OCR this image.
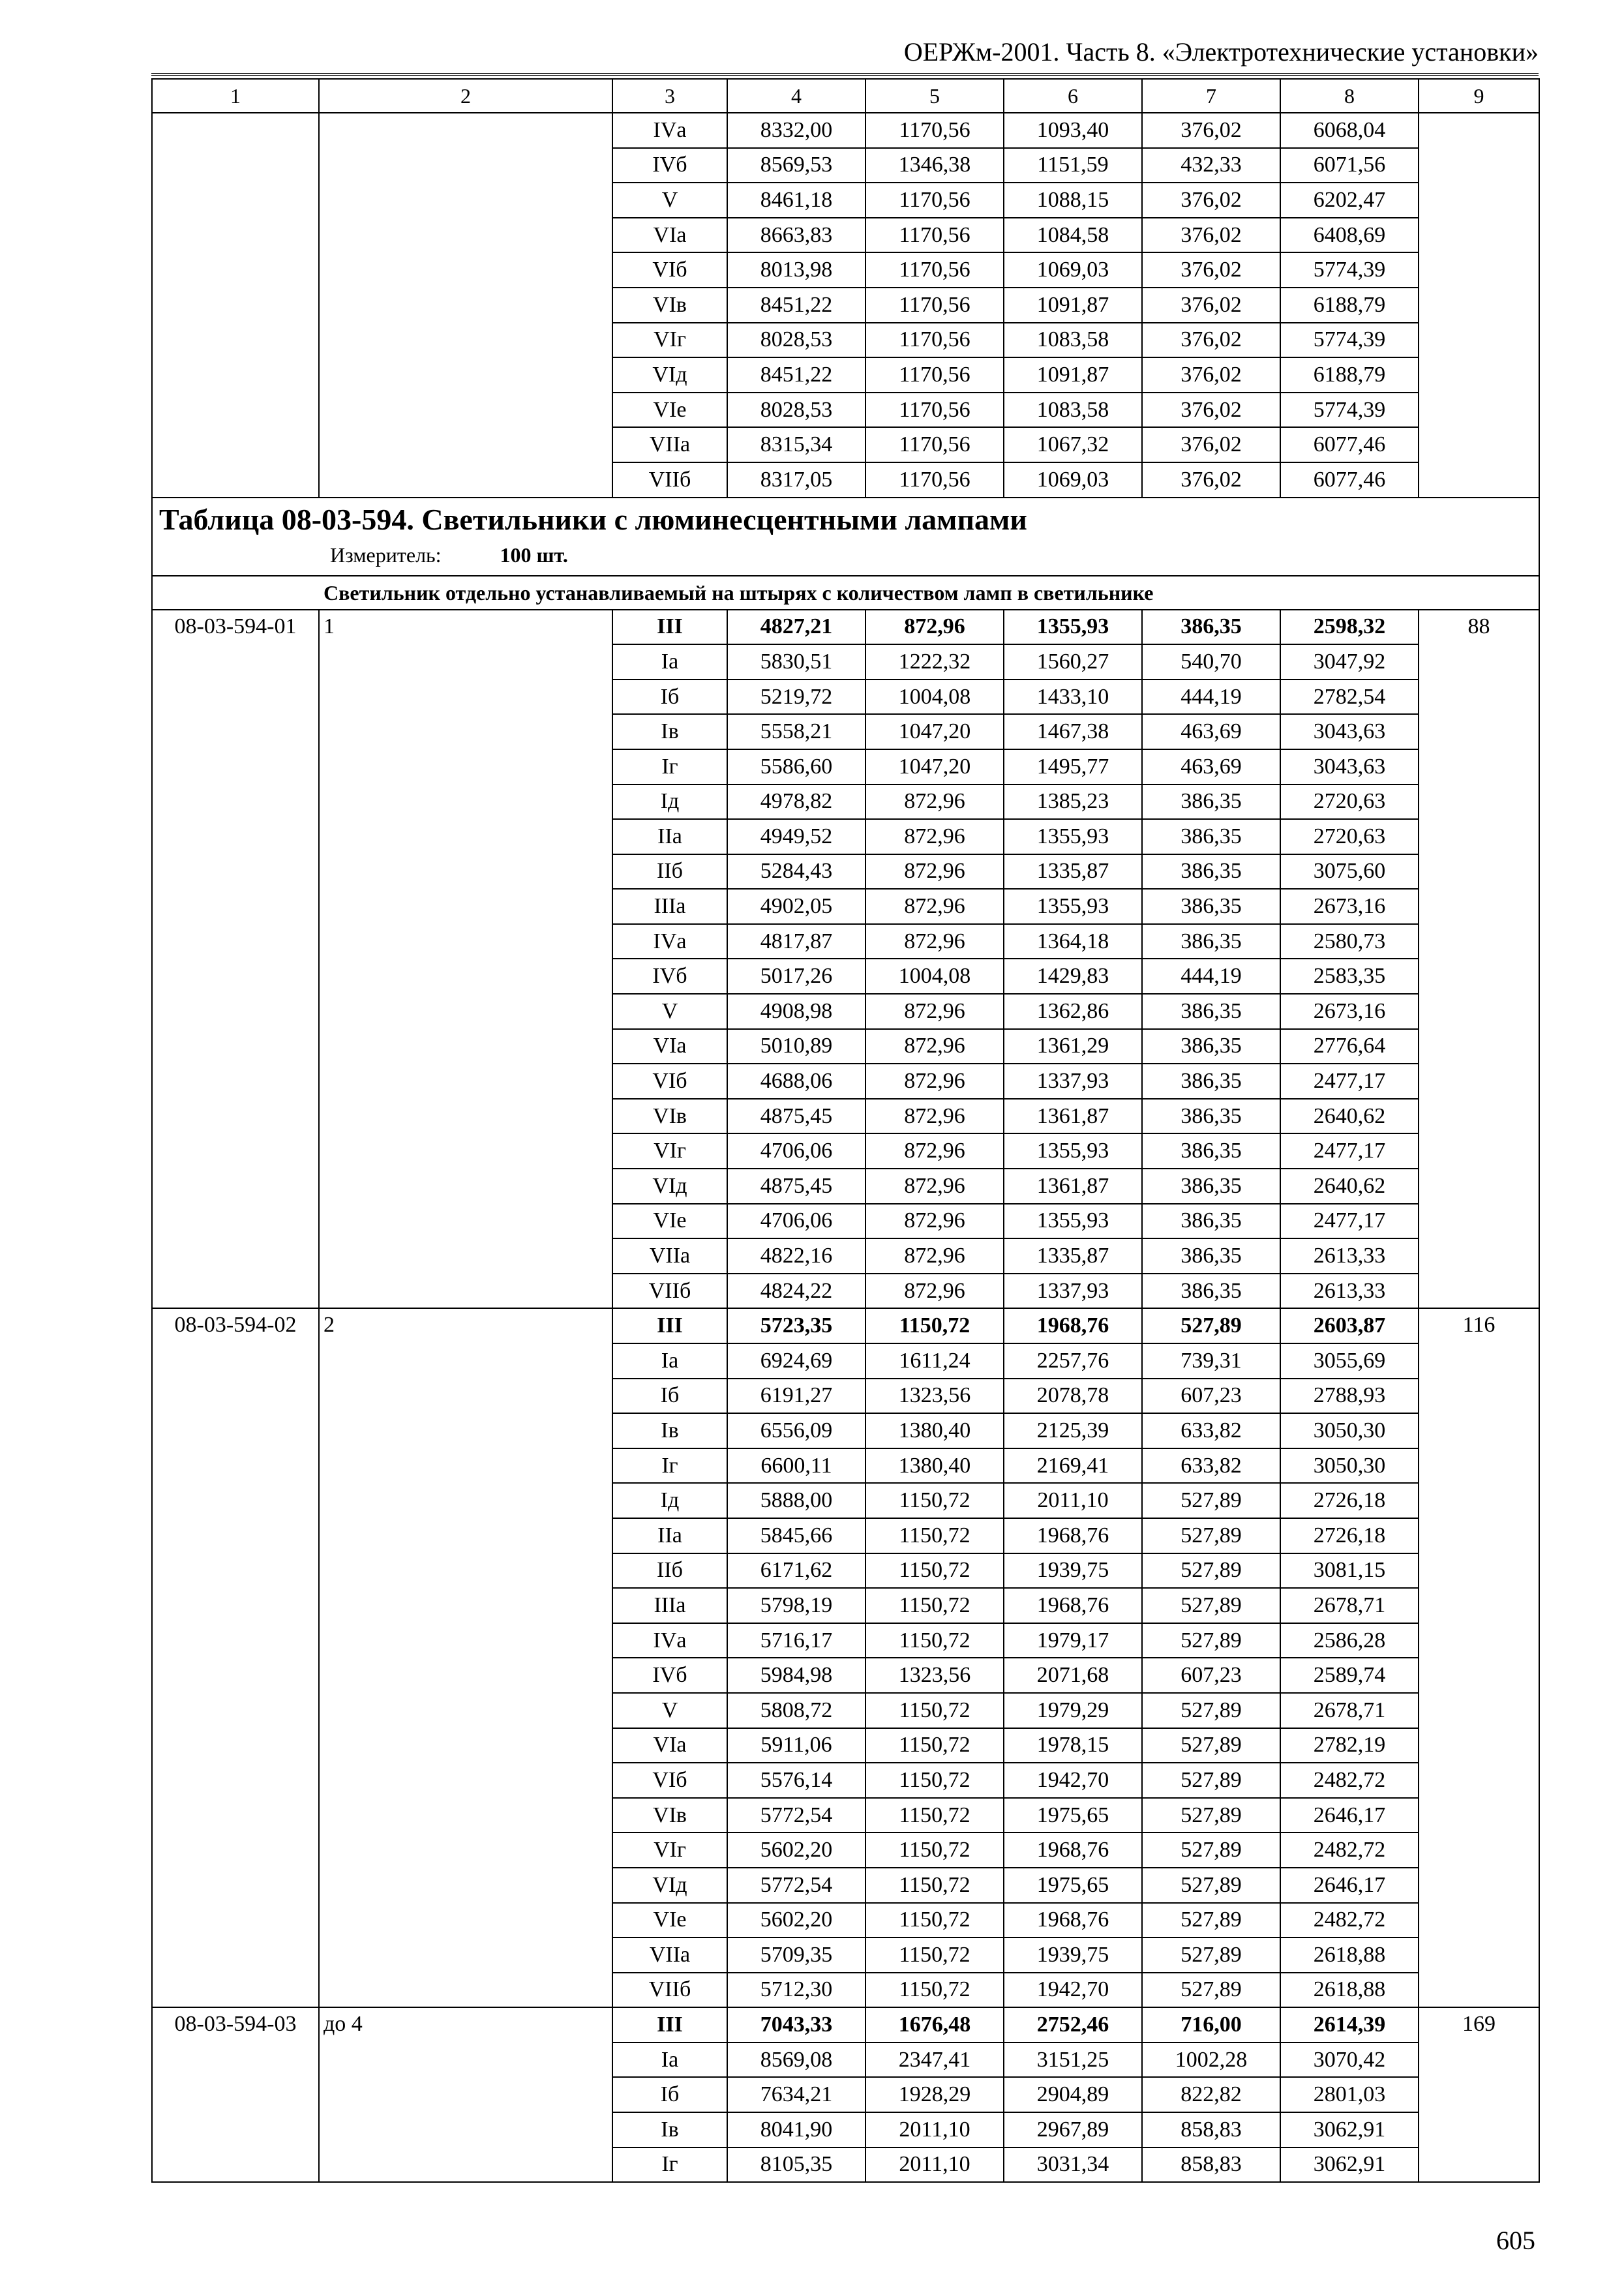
ОЕРЖм-2001. Часть 8. «Электротехнические установки»
1	2	3	4	5	6	7	8	9
		IVа	8332,00	1170,56	1093,40	376,02	6068,04	
		IVб	8569,53	1346,38	1151,59	432,33	6071,56	
		V	8461,18	1170,56	1088,15	376,02	6202,47	
		VIа	8663,83	1170,56	1084,58	376,02	6408,69	
		VIб	8013,98	1170,56	1069,03	376,02	5774,39	
		VIв	8451,22	1170,56	1091,87	376,02	6188,79	
		VIг	8028,53	1170,56	1083,58	376,02	5774,39	
		VIд	8451,22	1170,56	1091,87	376,02	6188,79	
		VIе	8028,53	1170,56	1083,58	376,02	5774,39	
		VIIа	8315,34	1170,56	1067,32	376,02	6077,46	
		VIIб	8317,05	1170,56	1069,03	376,02	6077,46	

Таблица 08-03-594. Светильники с люминесцентными лампами
Измеритель: 100 шт.								

Светильник отдельно устанавливаемый на штырях с количеством ламп в светильнике								
08-03-594-01	1	III	4827,21	872,96	1355,93	386,35	2598,32	88
		Iа	5830,51	1222,32	1560,27	540,70	3047,92	
		Iб	5219,72	1004,08	1433,10	444,19	2782,54	
		Iв	5558,21	1047,20	1467,38	463,69	3043,63	
		Iг	5586,60	1047,20	1495,77	463,69	3043,63	
		Iд	4978,82	872,96	1385,23	386,35	2720,63	
		IIа	4949,52	872,96	1355,93	386,35	2720,63	
		IIб	5284,43	872,96	1335,87	386,35	3075,60	
		IIIа	4902,05	872,96	1355,93	386,35	2673,16	
		IVа	4817,87	872,96	1364,18	386,35	2580,73	
		IVб	5017,26	1004,08	1429,83	444,19	2583,35	
		V	4908,98	872,96	1362,86	386,35	2673,16	
		VIа	5010,89	872,96	1361,29	386,35	2776,64	
		VIб	4688,06	872,96	1337,93	386,35	2477,17	
		VIв	4875,45	872,96	1361,87	386,35	2640,62	
		VIг	4706,06	872,96	1355,93	386,35	2477,17	
		VIд	4875,45	872,96	1361,87	386,35	2640,62	
		VIе	4706,06	872,96	1355,93	386,35	2477,17	
		VIIа	4822,16	872,96	1335,87	386,35	2613,33	
		VIIб	4824,22	872,96	1337,93	386,35	2613,33	
08-03-594-02	2	III	5723,35	1150,72	1968,76	527,89	2603,87	116
		Iа	6924,69	1611,24	2257,76	739,31	3055,69	
		Iб	6191,27	1323,56	2078,78	607,23	2788,93	
		Iв	6556,09	1380,40	2125,39	633,82	3050,30	
		Iг	6600,11	1380,40	2169,41	633,82	3050,30	
		Iд	5888,00	1150,72	2011,10	527,89	2726,18	
		IIа	5845,66	1150,72	1968,76	527,89	2726,18	
		IIб	6171,62	1150,72	1939,75	527,89	3081,15	
		IIIа	5798,19	1150,72	1968,76	527,89	2678,71	
		IVа	5716,17	1150,72	1979,17	527,89	2586,28	
		IVб	5984,98	1323,56	2071,68	607,23	2589,74	
		V	5808,72	1150,72	1979,29	527,89	2678,71	
		VIа	5911,06	1150,72	1978,15	527,89	2782,19	
		VIб	5576,14	1150,72	1942,70	527,89	2482,72	
		VIв	5772,54	1150,72	1975,65	527,89	2646,17	
		VIг	5602,20	1150,72	1968,76	527,89	2482,72	
		VIд	5772,54	1150,72	1975,65	527,89	2646,17	
		VIе	5602,20	1150,72	1968,76	527,89	2482,72	
		VIIа	5709,35	1150,72	1939,75	527,89	2618,88	
		VIIб	5712,30	1150,72	1942,70	527,89	2618,88	
08-03-594-03	до 4	III	7043,33	1676,48	2752,46	716,00	2614,39	169
		Iа	8569,08	2347,41	3151,25	1002,28	3070,42	
		Iб	7634,21	1928,29	2904,89	822,82	2801,03	
		Iв	8041,90	2011,10	2967,89	858,83	3062,91	
		Iг	8105,35	2011,10	3031,34	858,83	3062,91	
605
